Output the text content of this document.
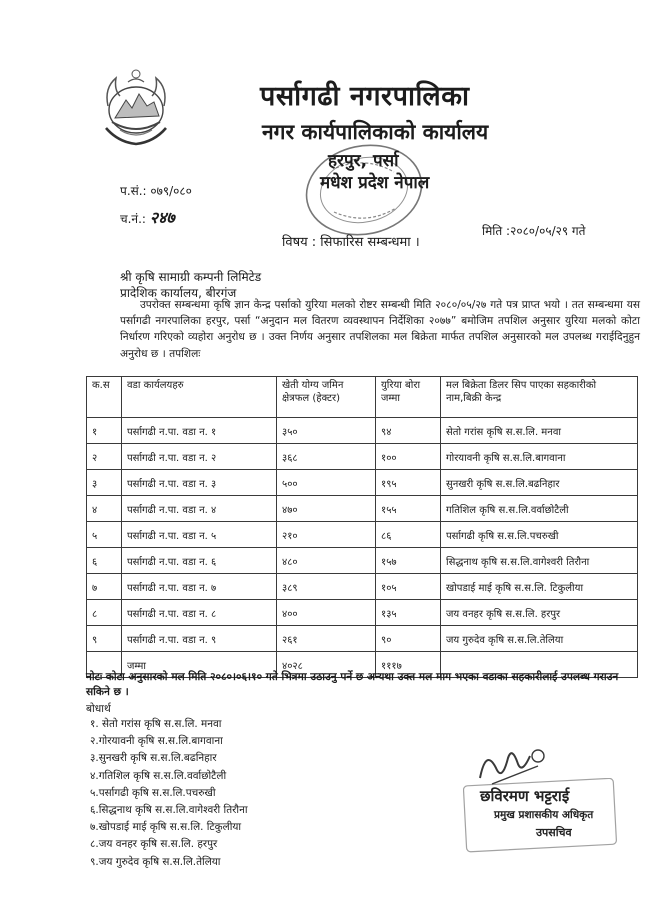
पर्सागढी नगरपालिका
नगर कार्यपालिकाको कार्यालय
हरपुर, पर्सा
मधेश प्रदेश नेपाल
प.सं.: ०७९/०८०
च.नं.: २४७
मिति :२०८०/०५/२९ गते
विषय : सिफारिस सम्बन्धमा ।
श्री कृषि सामाग्री कम्पनी लिमिटेड
प्रादेशिक कार्यालय, बीरगंज
उपरोक्त सम्बन्धमा कृषि ज्ञान केन्द्र पर्साको युरिया मलको रोष्टर सम्बन्धी मिति २०८०/०५/२७ गते पत्र प्राप्त भयो । तत सम्बन्धमा यस पर्सागढी नगरपालिका हरपुर, पर्सा “अनुदान मल वितरण व्यवस्थापन निर्देशिका २०७७” बमोजिम तपशिल अनुसार युरिया मलको कोटा निर्धारण गरिएको व्यहोरा अनुरोध छ । उक्त निर्णय अनुसार तपशिलका मल बिक्रेता मार्फत तपशिल अनुसारको मल उपलब्ध गराईदिनुहुन अनुरोध छ । तपशिलः
क.स	वडा कार्यलयहरु	खेती योग्य जमिन क्षेत्रफल (हेक्टर)	युरिया बोरा जम्मा	मल बिक्रेता डिलर सिप पाएका सहकारीको नाम,बिक्री केन्द्र
१	पर्सागढी न.पा. वडा न. १	३५०	९४	सेतो गरांस कृषि स.स.लि. मनवा
२	पर्सागढी न.पा. वडा न. २	३६८	१००	गोरयावनी कृषि स.स.लि.बागवाना
३	पर्सागढी न.पा. वडा न. ३	५००	१९५	सुनखरी कृषि स.स.लि.बढनिहार
४	पर्सागढी न.पा. वडा न. ४	४७०	१५५	गतिशिल कृषि स.स.लि.वर्वाछोटैली
५	पर्सागढी न.पा. वडा न. ५	२१०	८६	पर्सागढी कृषि स.स.लि.पचरुखी
६	पर्सागढी न.पा. वडा न. ६	४८०	१५७	सिद्धनाथ कृषि स.स.लि.वागेश्वरी तिरौना
७	पर्सागढी न.पा. वडा न. ७	३८९	१०५	खोपडाई माई कृषि स.स.लि. टिकुलीया
८	पर्सागढी न.पा. वडा न. ८	४००	१३५	जय वनहर कृषि स.स.लि. हरपुर
९	पर्सागढी न.पा. वडा न. ९	२६१	९०	जय गुरुदेव कृषि स.स.लि.तेलिया
	जम्मा	४०२८	१११७	
नोटः कोटा अनुसारको मल मिति २०८०।०६।१० गते भित्रमा उठाउनु पर्ने छ अन्यथा उक्त मल माग भएका वडाका सहकारीलाई उपलब्ध गराउन सकिने छ ।
बोधार्थ
१. सेतो गरांस कृषि स.स.लि. मनवा
२.गोरयावनी कृषि स.स.लि.बागवाना
३.सुनखरी कृषि स.स.लि.बढनिहार
४.गतिशिल कृषि स.स.लि.वर्वाछोटैली
५.पर्सागढी कृषि स.स.लि.पचरुखी
६.सिद्धनाथ कृषि स.स.लि.वागेश्वरी तिरौना
७.खोपडाई माई कृषि स.स.लि. टिकुलीया
८.जय वनहर कृषि स.स.लि. हरपुर
९.जय गुरुदेव कृषि स.स.लि.तेलिया
छविरमण भट्टराई
प्रमुख प्रशासकीय अधिकृत
उपसचिव
